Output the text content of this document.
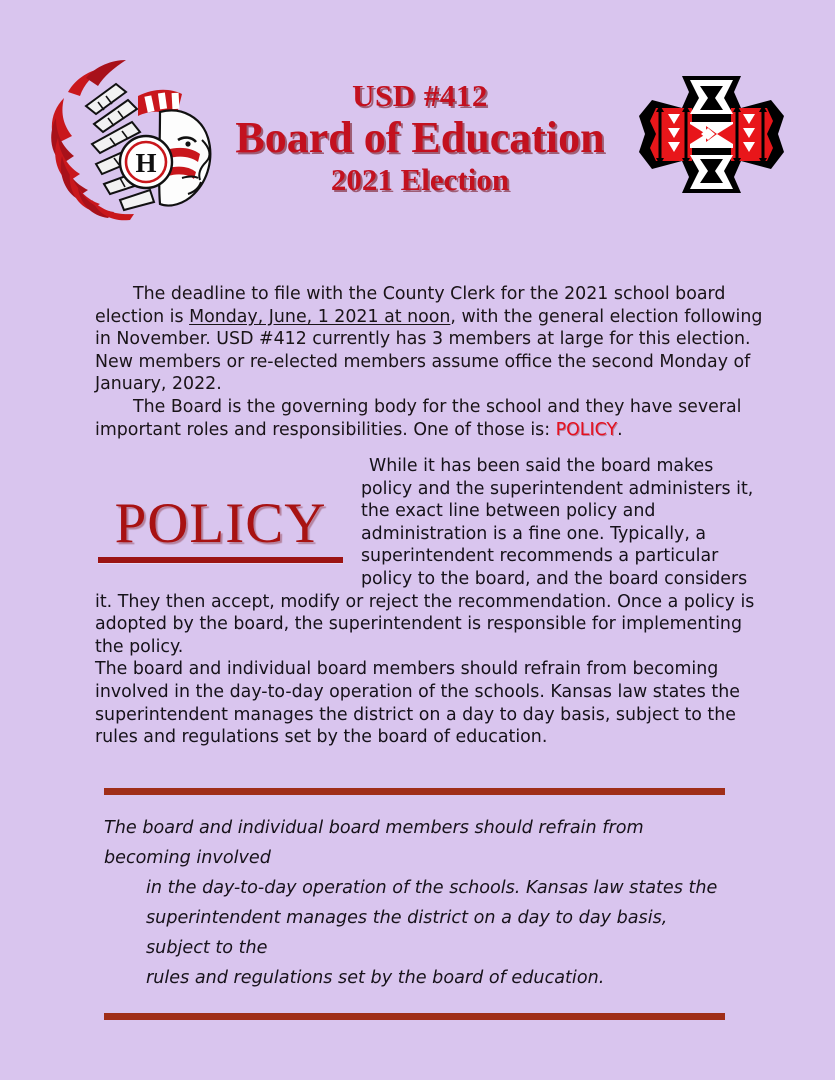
H
USD #412
Board of Education
2021 Election

The deadline to file with the County Clerk for the 2021 school board election is Monday, June, 1 2021 at noon, with the general election following in November. USD #412 currently has 3 members at large for this election. New members or re-elected members assume office the second Monday of January, 2022.

The Board is the governing body for the school and they have several important roles and responsibilities. One of those is: POLICY.

POLICY

While it has been said the board makes policy and the superintendent administers it, the exact line between policy and administration is a fine one. Typically, a superintendent recommends a particular policy to the board, and the board considers it. They then accept, modify or reject the recommendation. Once a policy is adopted by the board, the superintendent is responsible for implementing the policy.

The board and individual board members should refrain from becoming involved in the day-to-day operation of the schools. Kansas law states the superintendent manages the district on a day to day basis, subject to the rules and regulations set by the board of education.

The board and individual board members should refrain from becoming involved
in the day-to-day operation of the schools. Kansas law states the
superintendent manages the district on a day to day basis, subject to the
rules and regulations set by the board of education.
